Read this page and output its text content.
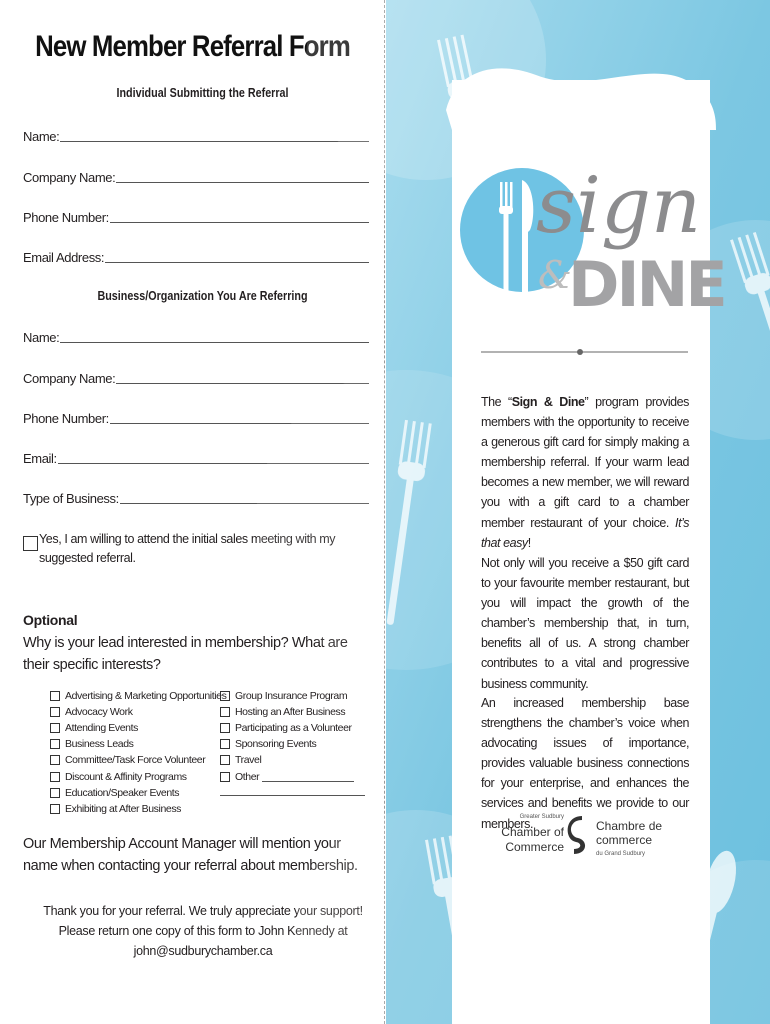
New Member Referral Form
Individual Submitting the Referral
Name:
Company Name:
Phone Number:
Email Address:
Business/Organization You Are Referring
Name:
Company Name:
Phone Number:
Email:
Type of Business:
Yes, I am willing to attend the initial sales meeting with my suggested referral.
Optional
Why is your lead interested in membership? What are their specific interests?
Advertising & Marketing Opportunities
Advocacy Work
Attending Events
Business Leads
Committee/Task Force Volunteer
Discount & Affinity Programs
Education/Speaker Events
Exhibiting at After Business
Group Insurance Program
Hosting an After Business
Participating as a Volunteer
Sponsoring Events
Travel
Other
Our Membership Account Manager will mention your name when contacting your referral about membership.
Thank you for your referral. We truly appreciate your support!
Please return one copy of this form to John Kennedy at
john@sudburychamber.ca
sign
&
DINE
The “Sign & Dine” program provides members with the opportunity to receive a generous gift card for simply making a membership referral. If your warm lead becomes a new member, we will reward you with a gift card to a chamber member restaurant of your choice. It’s that easy!
Not only will you receive a $50 gift card to your favourite member restaurant, but you will impact the growth of the chamber’s membership that, in turn, benefits all of us. A strong chamber contributes to a vital and progressive business community.
An increased membership base strengthens the chamber’s voice when advocating issues of importance, provides valuable business connections for your enterprise, and enhances the services and benefits we provide to our members.
Greater Sudbury
Chamber of
Commerce
Chambre de
commerce
du Grand Sudbury
